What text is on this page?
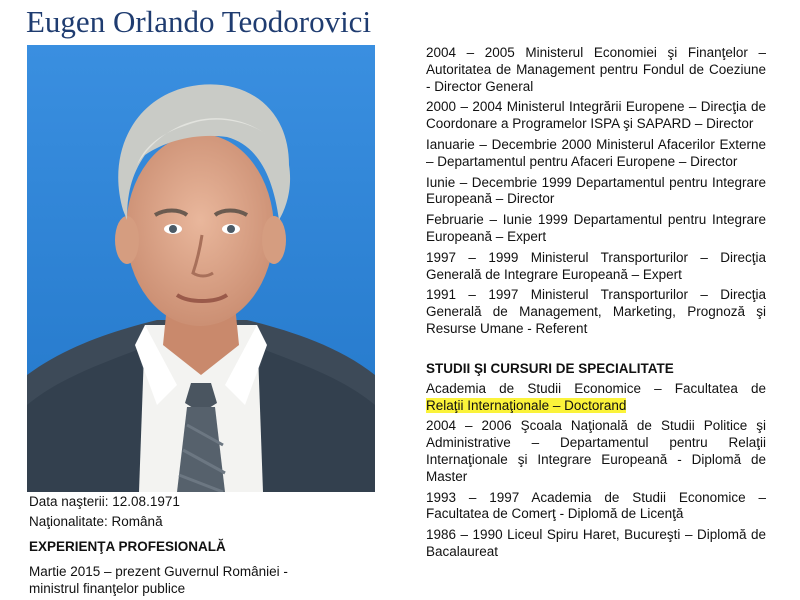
Eugen Orlando Teodorovici
Data naşterii: 12.08.1971
Naţionalitate: Română
EXPERIENŢA PROFESIONALĂ
Martie 2015 – prezent Guvernul României -
ministrul finanţelor publice
2004 – 2005 Ministerul Economiei şi Finanţelor – Autoritatea de Management pentru Fondul de Coeziune - Director General
2000 – 2004 Ministerul Integrării Europene – Direcţia de Coordonare a Programelor ISPA şi SAPARD – Director
Ianuarie – Decembrie 2000 Ministerul Afacerilor Externe – Departamentul pentru Afaceri Europene – Director
Iunie – Decembrie 1999 Departamentul pentru Integrare Europeană – Director
Februarie – Iunie 1999 Departamentul pentru Integrare Europeană – Expert
1997 – 1999 Ministerul Transporturilor – Direcţia Generală de Integrare Europeană – Expert
1991 – 1997 Ministerul Transporturilor – Direcţia Generală de Management, Marketing, Prognoză şi Resurse Umane - Referent
STUDII ŞI CURSURI DE SPECIALITATE
Academia de Studii Economice – Facultatea de
Relaţii Internaţionale – Doctorand
2004 – 2006 Şcoala Naţională de Studii Politice şi Administrative – Departamentul pentru Relaţii Internaţionale şi Integrare Europeană - Diplomă de Master
1993 – 1997 Academia de Studii Economice – Facultatea de Comerţ - Diplomă de Licenţă
1986 – 1990 Liceul Spiru Haret, Bucureşti – Diplomă de Bacalaureat
